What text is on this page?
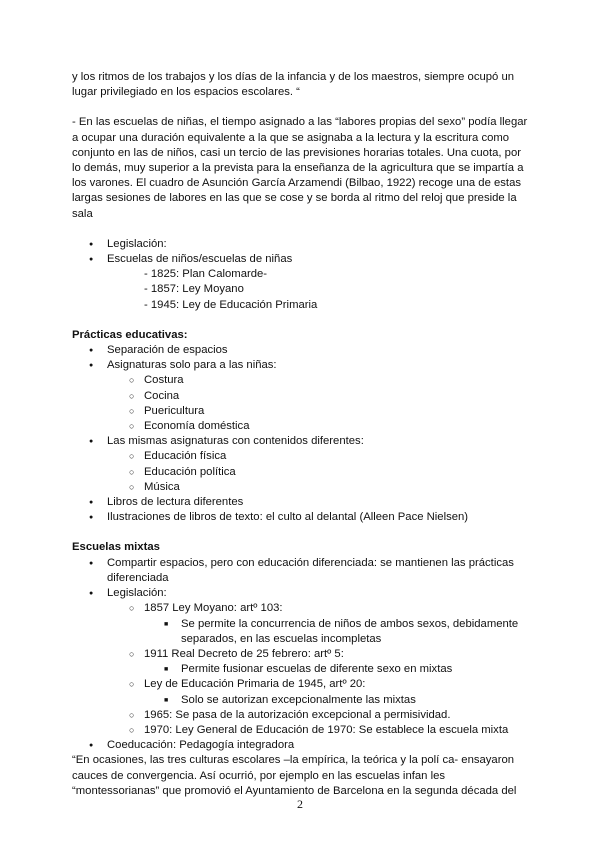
y los ritmos de los trabajos y los días de la infancia y de los maestros, siempre ocupó un lugar privilegiado en los espacios escolares. “

- En las escuelas de niñas, el tiempo asignado a las “labores propias del sexo” podía llegar a ocupar una duración equivalente a la que se asignaba a la lectura y la escritura como conjunto en las de niños, casi un tercio de las previsiones horarias totales. Una cuota, por lo demás, muy superior a la prevista para la enseñanza de la agricultura que se impartía a los varones. El cuadro de Asunción García Arzamendi (Bilbao, 1922) recoge una de estas largas sesiones de labores en las que se cose y se borda al ritmo del reloj que preside la sala

● Legislación:
● Escuelas de niños/escuelas de niñas
- 1825: Plan Calomarde-
- 1857: Ley Moyano
- 1945: Ley de Educación Primaria

Prácticas educativas:

● Separación de espacios
● Asignaturas solo para a las niñas:
○ Costura
○ Cocina
○ Puericultura
○ Economía doméstica
● Las mismas asignaturas con contenidos diferentes:
○ Educación física
○ Educación política
○ Música
● Libros de lectura diferentes
● Ilustraciones de libros de texto: el culto al delantal (Alleen Pace Nielsen)

Escuelas mixtas

● Compartir espacios, pero con educación diferenciada: se mantienen las prácticas diferenciada
● Legislación:
○ 1857 Ley Moyano: artº 103:
■ Se permite la concurrencia de niños de ambos sexos, debidamente separados, en las escuelas incompletas
○ 1911 Real Decreto de 25 febrero: artº 5:
■ Permite fusionar escuelas de diferente sexo en mixtas
○ Ley de Educación Primaria de 1945, artº 20:
■ Solo se autorizan excepcionalmente las mixtas
○ 1965: Se pasa de la autorización excepcional a permisividad.
○ 1970: Ley General de Educación de 1970: Se establece la escuela mixta
● Coeducación: Pedagogía integradora

“En ocasiones, las tres culturas escolares –la empírica, la teórica y la polí ca- ensayaron cauces de convergencia. Así ocurrió, por ejemplo en las escuelas infan les “montessorianas” que promovió el Ayuntamiento de Barcelona en la segunda década del

2
